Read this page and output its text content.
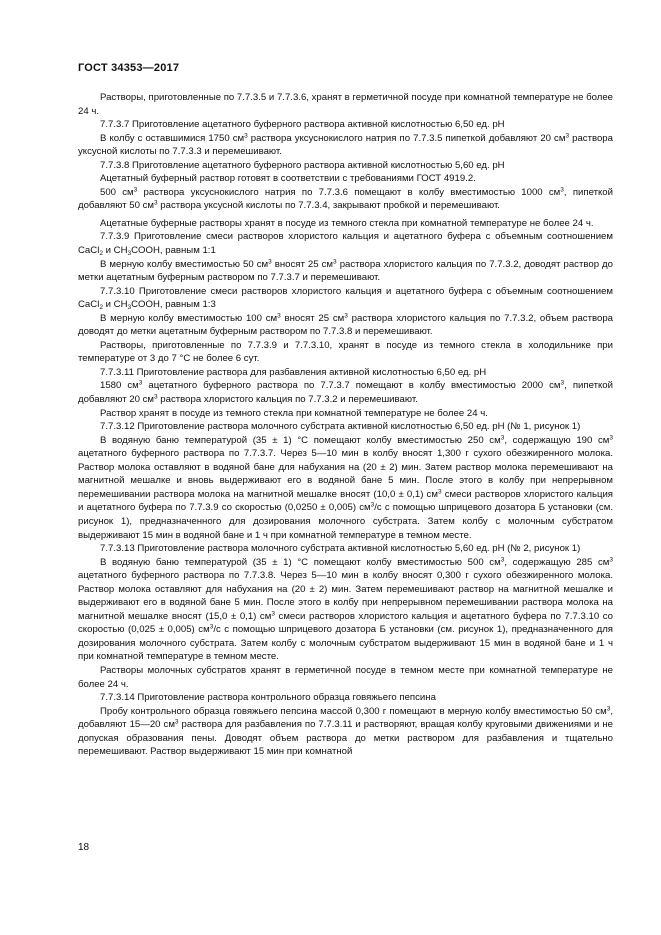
ГОСТ 34353—2017

Растворы, приготовленные по 7.7.3.5 и 7.7.3.6, хранят в герметичной посуде при комнатной температуре не более 24 ч.

7.7.3.7 Приготовление ацетатного буферного раствора активной кислотностью 6,50 ед. pH

В колбу с оставшимися 1750 $см^3$ раствора уксуснокислого натрия по 7.7.3.5 пипеткой добавляют 20 $см^3$ раствора уксусной кислоты по 7.7.3.3 и перемешивают.

7.7.3.8 Приготовление ацетатного буферного раствора активной кислотностью 5,60 ед. pH

Ацетатный буферный раствор готовят в соответствии с требованиями ГОСТ 4919.2.

500 $см^3$ раствора уксуснокислого натрия по 7.7.3.6 помещают в колбу вместимостью 1000 $см^3$, пипеткой добавляют 50 $см^3$ раствора уксусной кислоты по 7.7.3.4, закрывают пробкой и перемешивают.

Ацетатные буферные растворы хранят в посуде из темного стекла при комнатной температуре не более 24 ч.

7.7.3.9 Приготовление смеси растворов хлористого кальция и ацетатного буфера с объемным соотношением CaCl$_2$ и $CH_3COOH$, равным 1:1

В мерную колбу вместимостью 50 $см^3$ вносят 25 $см^3$ раствора хлористого кальция по 7.7.3.2, доводят раствор до метки ацетатным буферным раствором по 7.7.3.7 и перемешивают.

7.7.3.10 Приготовление смеси растворов хлористого кальция и ацетатного буфера с объемным соотношением CaCl$_2$ и $CH_3COOH$, равным 1:3

В мерную колбу вместимостью 100 $см^3$ вносят 25 $см^3$ раствора хлористого кальция по 7.7.3.2, объем раствора доводят до метки ацетатным буферным раствором по 7.7.3.8 и перемешивают.

Растворы, приготовленные по 7.7.3.9 и 7.7.3.10, хранят в посуде из темного стекла в холодильнике при температуре от 3 до 7 °С не более 6 сут.

7.7.3.11 Приготовление раствора для разбавления активной кислотностью 6,50 ед. pH

1580 $см^3$ ацетатного буферного раствора по 7.7.3.7 помещают в колбу вместимостью 2000 $см^3$, пипеткой добавляют 20 $см^3$ раствора хлористого кальция по 7.7.3.2 и перемешивают.

Раствор хранят в посуде из темного стекла при комнатной температуре не более 24 ч.

7.7.3.12 Приготовление раствора молочного субстрата активной кислотностью 6,50 ед. pH (№ 1, рисунок 1)

В водяную баню температурой (35 ± 1) °С помещают колбу вместимостью 250 $см^3$, содержащую 190 $см^3$ ацетатного буферного раствора по 7.7.3.7. Через 5—10 мин в колбу вносят 1,300 г сухого обезжиренного молока. Раствор молока оставляют в водяной бане для набухания на (20 ± 2) мин. Затем раствор молока перемешивают на магнитной мешалке и вновь выдерживают его в водяной бане 5 мин. После этого в колбу при непрерывном перемешивании раствора молока на магнитной мешалке вносят (10,0 ± 0,1) $см^3$ смеси растворов хлористого кальция и ацетатного буфера по 7.7.3.9 со скоростью (0,0250 ± 0,005) $см^3/с$ с помощью шприцевого дозатора Б установки (см. рисунок 1), предназначенного для дозирования молочного субстрата. Затем колбу с молочным субстратом выдерживают 15 мин в водяной бане и 1 ч при комнатной температуре в темном месте.

7.7.3.13 Приготовление раствора молочного субстрата активной кислотностью 5,60 ед. pH (№ 2, рисунок 1)

В водяную баню температурой (35 ± 1) °С помещают колбу вместимостью 500 $см^3$, содержащую 285 $см^3$ ацетатного буферного раствора по 7.7.3.8. Через 5—10 мин в колбу вносят 0,300 г сухого обезжиренного молока. Раствор молока оставляют для набухания на (20 ± 2) мин. Затем перемешивают раствор на магнитной мешалке и выдерживают его в водяной бане 5 мин. После этого в колбу при непрерывном перемешивании раствора молока на магнитной мешалке вносят (15,0 ± 0,1) $см^3$ смеси растворов хлористого кальция и ацетатного буфера по 7.7.3.10 со скоростью (0,025 ± 0,005) $см^3/с$ с помощью шприцевого дозатора Б установки (см. рисунок 1), предназначенного для дозирования молочного субстрата. Затем колбу с молочным субстратом выдерживают 15 мин в водяной бане и 1 ч при комнатной температуре в темном месте.

Растворы молочных субстратов хранят в герметичной посуде в темном месте при комнатной температуре не более 24 ч.

7.7.3.14 Приготовление раствора контрольного образца говяжьего пепсина

Пробу контрольного образца говяжьего пепсина массой 0,300 г помещают в мерную колбу вместимостью 50 $см^3$, добавляют 15—20 $см^3$ раствора для разбавления по 7.7.3.11 и растворяют, вращая колбу круговыми движениями и не допуская образования пены. Доводят объем раствора до метки раствором для разбавления и тщательно перемешивают. Раствор выдерживают 15 мин при комнатной

18
